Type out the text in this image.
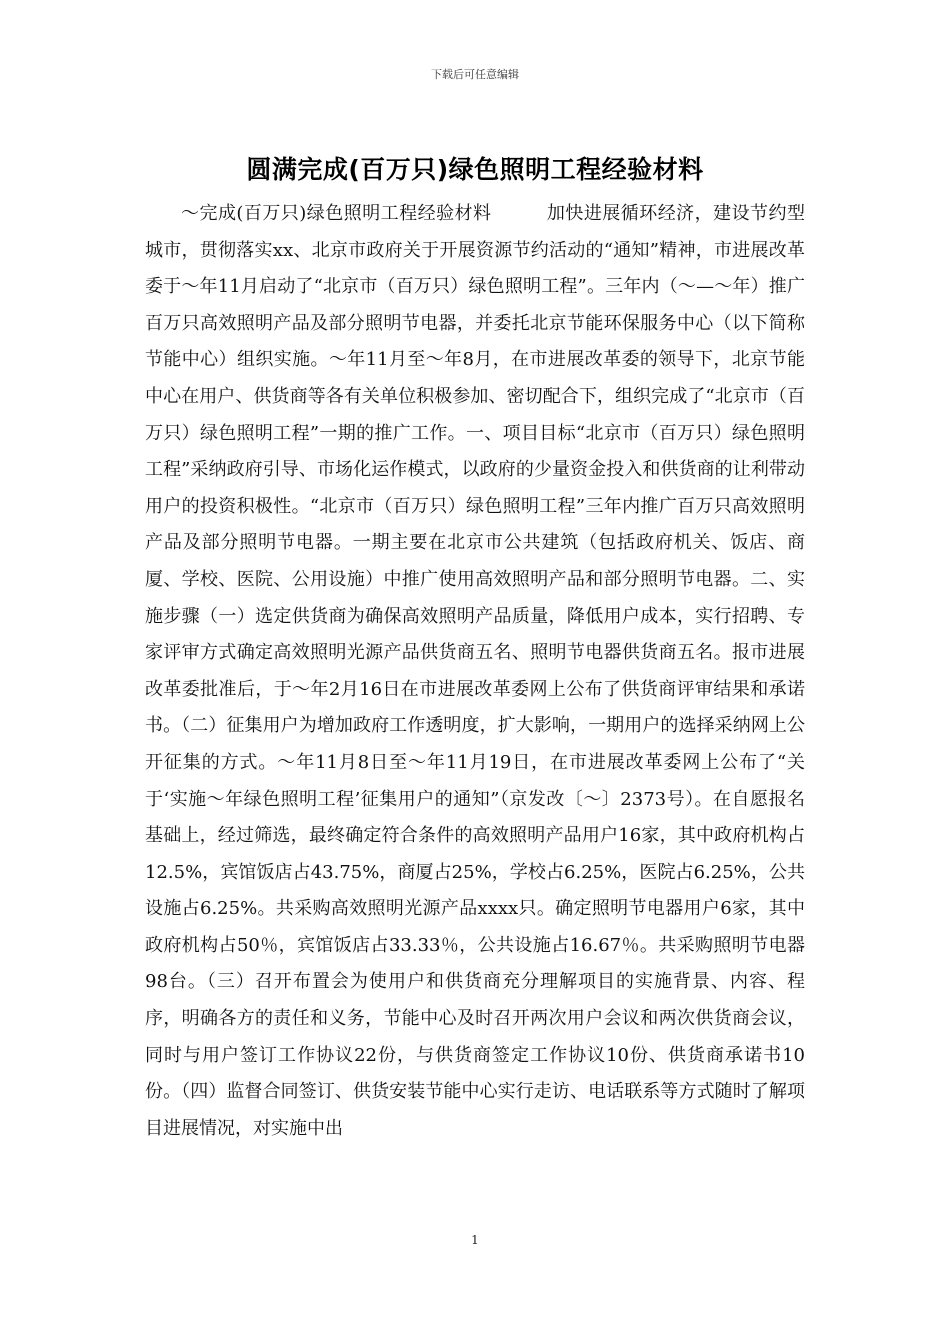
下载后可任意编辑
圆满完成(百万只)绿色照明工程经验材料

～完成(百万只)绿色照明工程经验材料　　　加快进展循环经济，建设节约型城市，贯彻落实xx、北京市政府关于开展资源节约活动的“通知”精神，市进展改革委于～年11月启动了“北京市（百万只）绿色照明工程”。三年内（～—～年）推广百万只高效照明产品及部分照明节电器，并委托北京节能环保服务中心（以下简称节能中心）组织实施。～年11月至～年8月，在市进展改革委的领导下，北京节能中心在用户、供货商等各有关单位积极参加、密切配合下，组织完成了“北京市（百万只）绿色照明工程”一期的推广工作。一、项目目标“北京市（百万只）绿色照明工程”采纳政府引导、市场化运作模式，以政府的少量资金投入和供货商的让利带动用户的投资积极性。“北京市（百万只）绿色照明工程”三年内推广百万只高效照明产品及部分照明节电器。一期主要在北京市公共建筑（包括政府机关、饭店、商厦、学校、医院、公用设施）中推广使用高效照明产品和部分照明节电器。二、实施步骤（一）选定供货商为确保高效照明产品质量，降低用户成本，实行招聘、专家评审方式确定高效照明光源产品供货商五名、照明节电器供货商五名。报市进展改革委批准后，于～年2月16日在市进展改革委网上公布了供货商评审结果和承诺书。（二）征集用户为增加政府工作透明度，扩大影响，一期用户的选择采纳网上公开征集的方式。～年11月8日至～年11月19日，在市进展改革委网上公布了“关于‘实施～年绿色照明工程’征集用户的通知”（京发改〔～〕2373号）。在自愿报名基础上，经过筛选，最终确定符合条件的高效照明产品用户16家，其中政府机构占12.5%，宾馆饭店占43.75%，商厦占25%，学校占6.25%，医院占6.25%，公共设施占6.25%。共采购高效照明光源产品xxxx只。确定照明节电器用户6家，其中政府机构占50％，宾馆饭店占33.33％，公共设施占16.67％。共采购照明节电器98台。（三）召开布置会为使用户和供货商充分理解项目的实施背景、内容、程序，明确各方的责任和义务，节能中心及时召开两次用户会议和两次供货商会议，同时与用户签订工作协议22份，与供货商签定工作协议10份、供货商承诺书10份。（四）监督合同签订、供货安装节能中心实行走访、电话联系等方式随时了解项目进展情况，对实施中出

1
